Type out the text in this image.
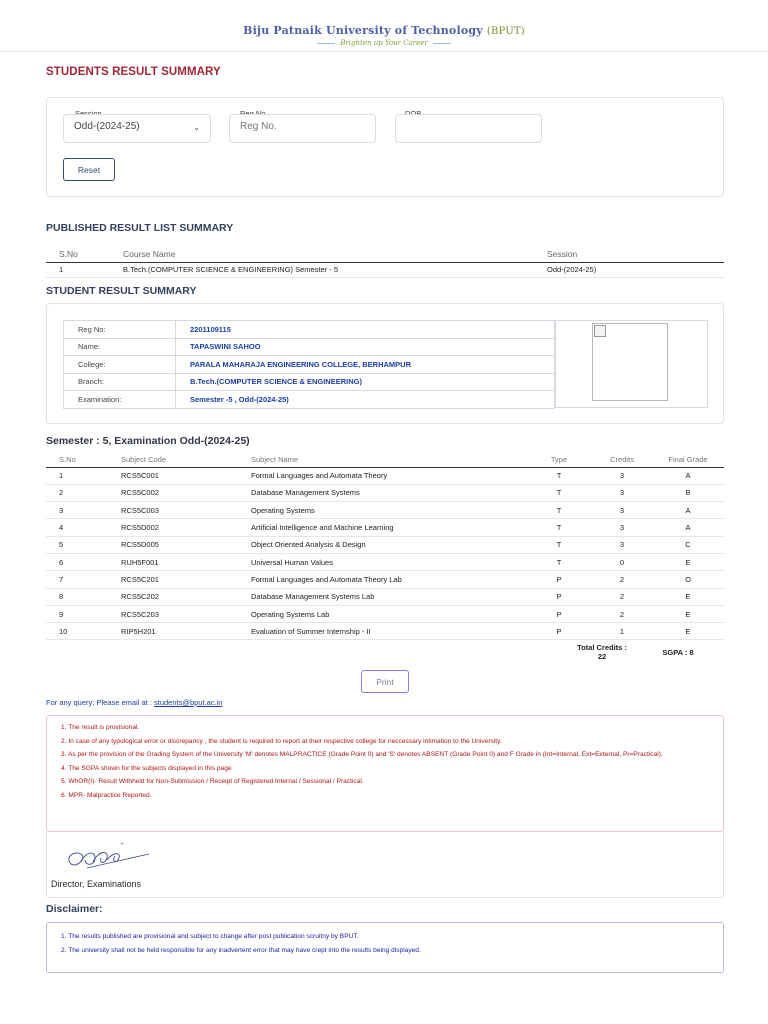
Biju Patnaik University of Technology (BPUT)
Brighten up Your Career
STUDENTS RESULT SUMMARY
Odd-(2024-25)	⌄
Reg No.
Reset
PUBLISHED RESULT LIST SUMMARY
S.No	Course Name	Session
1	B.Tech.(COMPUTER SCIENCE & ENGINEERING) Semester - 5	Odd-(2024-25)
STUDENT RESULT SUMMARY
Reg No:	2201109115
Name:	TAPASWINI SAHOO
College:	PARALA MAHARAJA ENGINEERING COLLEGE, BERHAMPUR
Branch:	B.Tech.(COMPUTER SCIENCE & ENGINEERING)
Examination:	Semester -5 , Odd-(2024-25)
Semester : 5, Examination Odd-(2024-25)
S.No	Subject Code	Subject Name	Type	Credits	Final Grade
1	RCS5C001	Formal Languages and Automata Theory	T	3	A
2	RCS5C002	Database Management Systems	T	3	B
3	RCS5C003	Operating Systems	T	3	A
4	RCS5D002	Artificial Intelligence and Machine Learning	T	3	A
5	RCS5D005	Object Oriented Analysis & Design	T	3	C
6	RUH5F001	Universal Human Values	T	0	E
7	RCS5C201	Formal Languages and Automata Theory Lab	P	2	O
8	RCS5C202	Database Management Systems Lab	P	2	E
9	RCS5C203	Operating Systems Lab	P	2	E
10	RIP5H201	Evaluation of Summer Internship - II	P	1	E
Total Credits :
22	SGPA : 8
Print
For any query; Please email at : students@bput.ac.in
1. The result is provisional.
2. In case of any typological error or discrepancy , the student is required to report at their respective college for neccessary intimation to the University.
3. As per the provision of the Grading System of the University 'M' denotes MALPRACTICE (Grade Point 0) and 'S' denotes ABSENT (Grade Point 0) and F Grade in (Int=Internal, Ext=External, Pr=Practical).
4. The SGPA shown for the subjects displayed in this page
5. WhOR(I)- Result Withheld for Non-Submission / Receipt of Registered Internal / Sessional / Practical.
6. MPR- Malpractice Reported.
Director, Examinations
Disclaimer:
1. The results published are provisional and subject to change after post publication scruitny by BPUT.
2. The university shall not be held responsible for any inadvertent error that may have crept into the results being displayed.
